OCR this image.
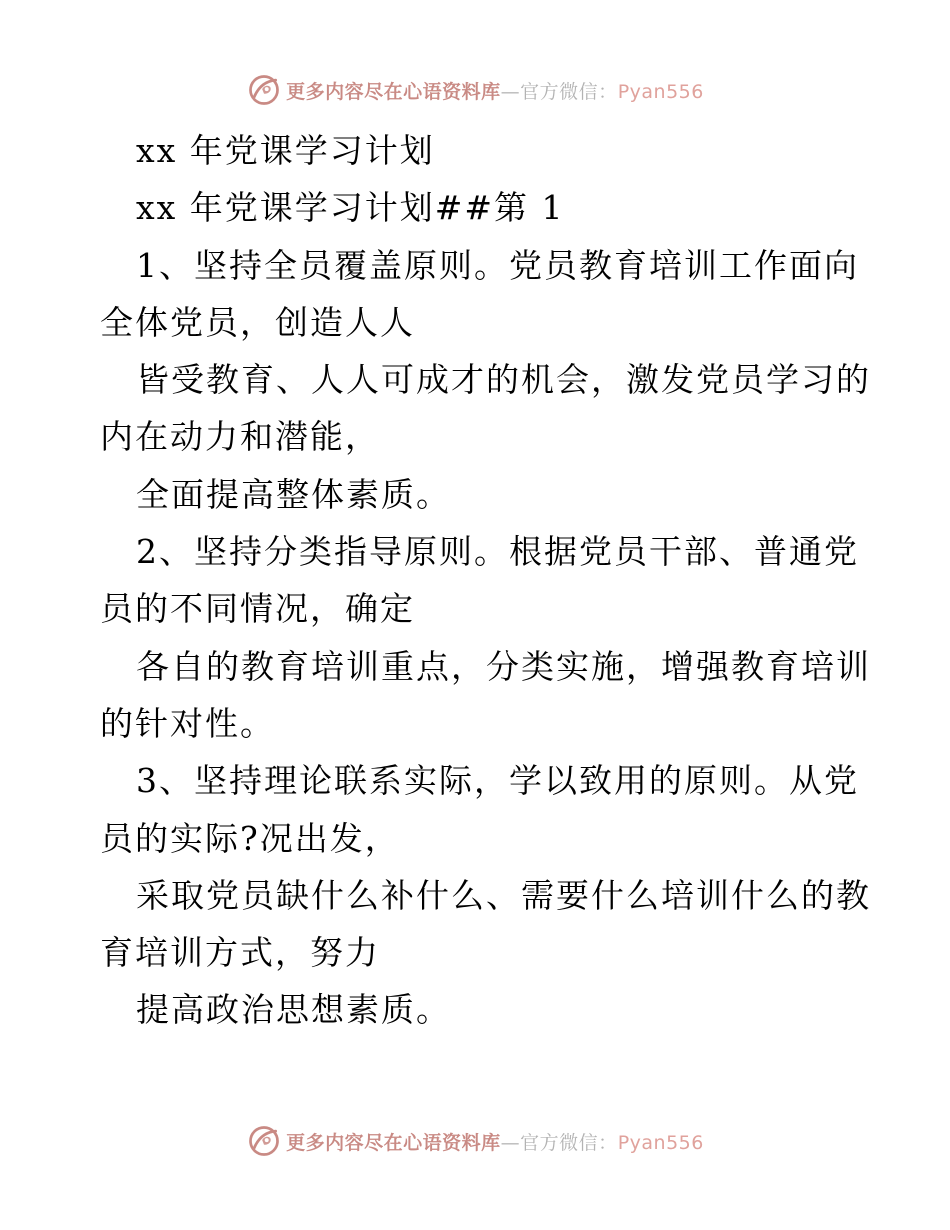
更多内容尽在心语资料库—官方微信：Pyan556
xx 年党课学习计划
xx 年党课学习计划##第 1
1、坚持全员覆盖原则。党员教育培训工作面向
全体党员，创造人人
皆受教育、人人可成才的机会，激发党员学习的
内在动力和潜能，
全面提高整体素质。
2、坚持分类指导原则。根据党员干部、普通党
员的不同情况，确定
各自的教育培训重点，分类实施，增强教育培训
的针对性。
3、坚持理论联系实际，学以致用的原则。从党
员的实际?况出发，
采取党员缺什么补什么、需要什么培训什么的教
育培训方式，努力
提高政治思想素质。
更多内容尽在心语资料库—官方微信：Pyan556
